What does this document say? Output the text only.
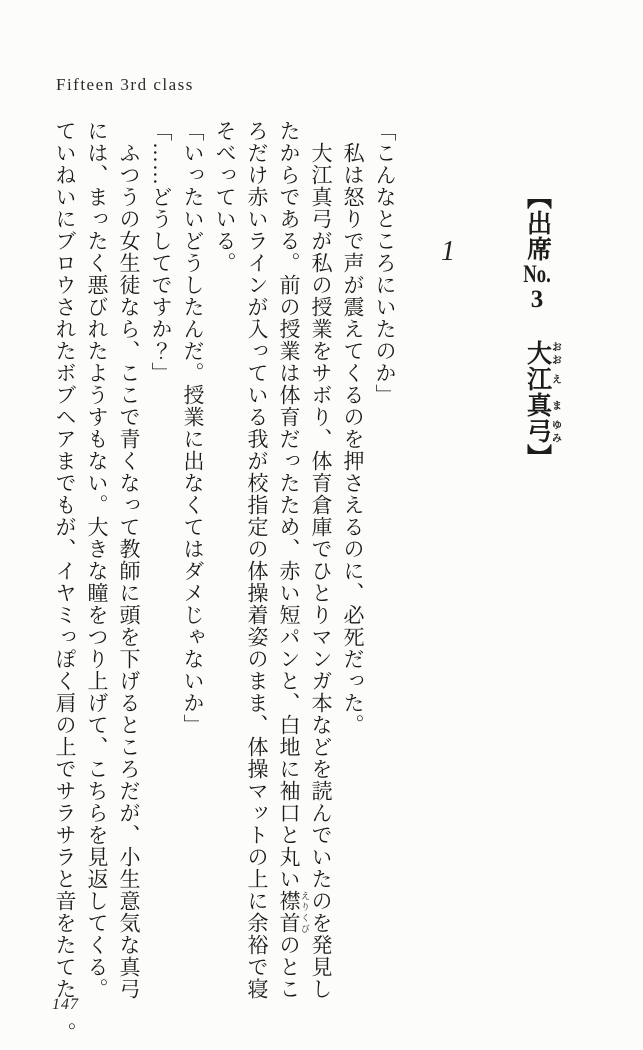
Fifteen 3rd class
【出席No.3大 おお江 え真 ま弓 ゆみ】
1

「こんなところにいたのか」

私は怒りで声が震えてくるのを押さえるのに、必死だった。

大江真弓が私の授業をサボり、体育倉庫でひとりマンガ本などを読んでいたのを発見したからである。前の授業は体育だったため、赤い短パンと、白地に袖口と丸い襟首 えりくびのところだけ赤いラインが入っている我が校指定の体操着姿のまま、体操マットの上に余裕で寝そべっている。

「いったいどうしたんだ。授業に出なくてはダメじゃないか」

「……どうしてですか？」

ふつうの女生徒なら、ここで青くなって教師に頭を下げるところだが、小生意気な真弓には、まったく悪びれたようすもない。大きな瞳をつり上げて、こちらを見返してくる。ていねいにブロウされたボブヘアまでもが、イヤミっぽく肩の上でサラサラと音をたてた。

147
